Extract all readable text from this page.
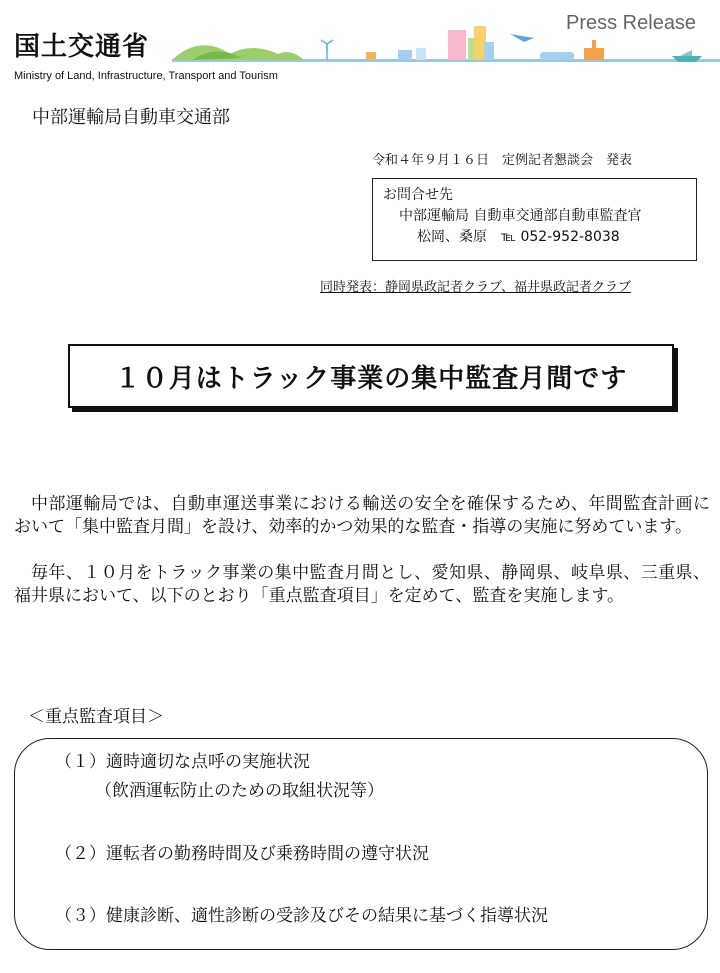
国土交通省
Ministry of Land, Infrastructure, Transport and Tourism
Press Release
中部運輸局自動車交通部
令和４年９月１６日　定例記者懇談会　発表
お問合せ先
中部運輸局 自動車交通部自動車監査官
松岡、桑原　℡ 052-952-8038
同時発表：静岡県政記者クラブ、福井県政記者クラブ
１０月はトラック事業の集中監査月間です
中部運輸局では、自動車運送事業における輸送の安全を確保するため、年間監査計画において「集中監査月間」を設け、効率的かつ効果的な監査・指導の実施に努めています。
毎年、１０月をトラック事業の集中監査月間とし、愛知県、静岡県、岐阜県、三重県、福井県において、以下のとおり「重点監査項目」を定めて、監査を実施します。
＜重点監査項目＞
（１）適時適切な点呼の実施状況
（飲酒運転防止のための取組状況等）
（２）運転者の勤務時間及び乗務時間の遵守状況
（３）健康診断、適性診断の受診及びその結果に基づく指導状況
